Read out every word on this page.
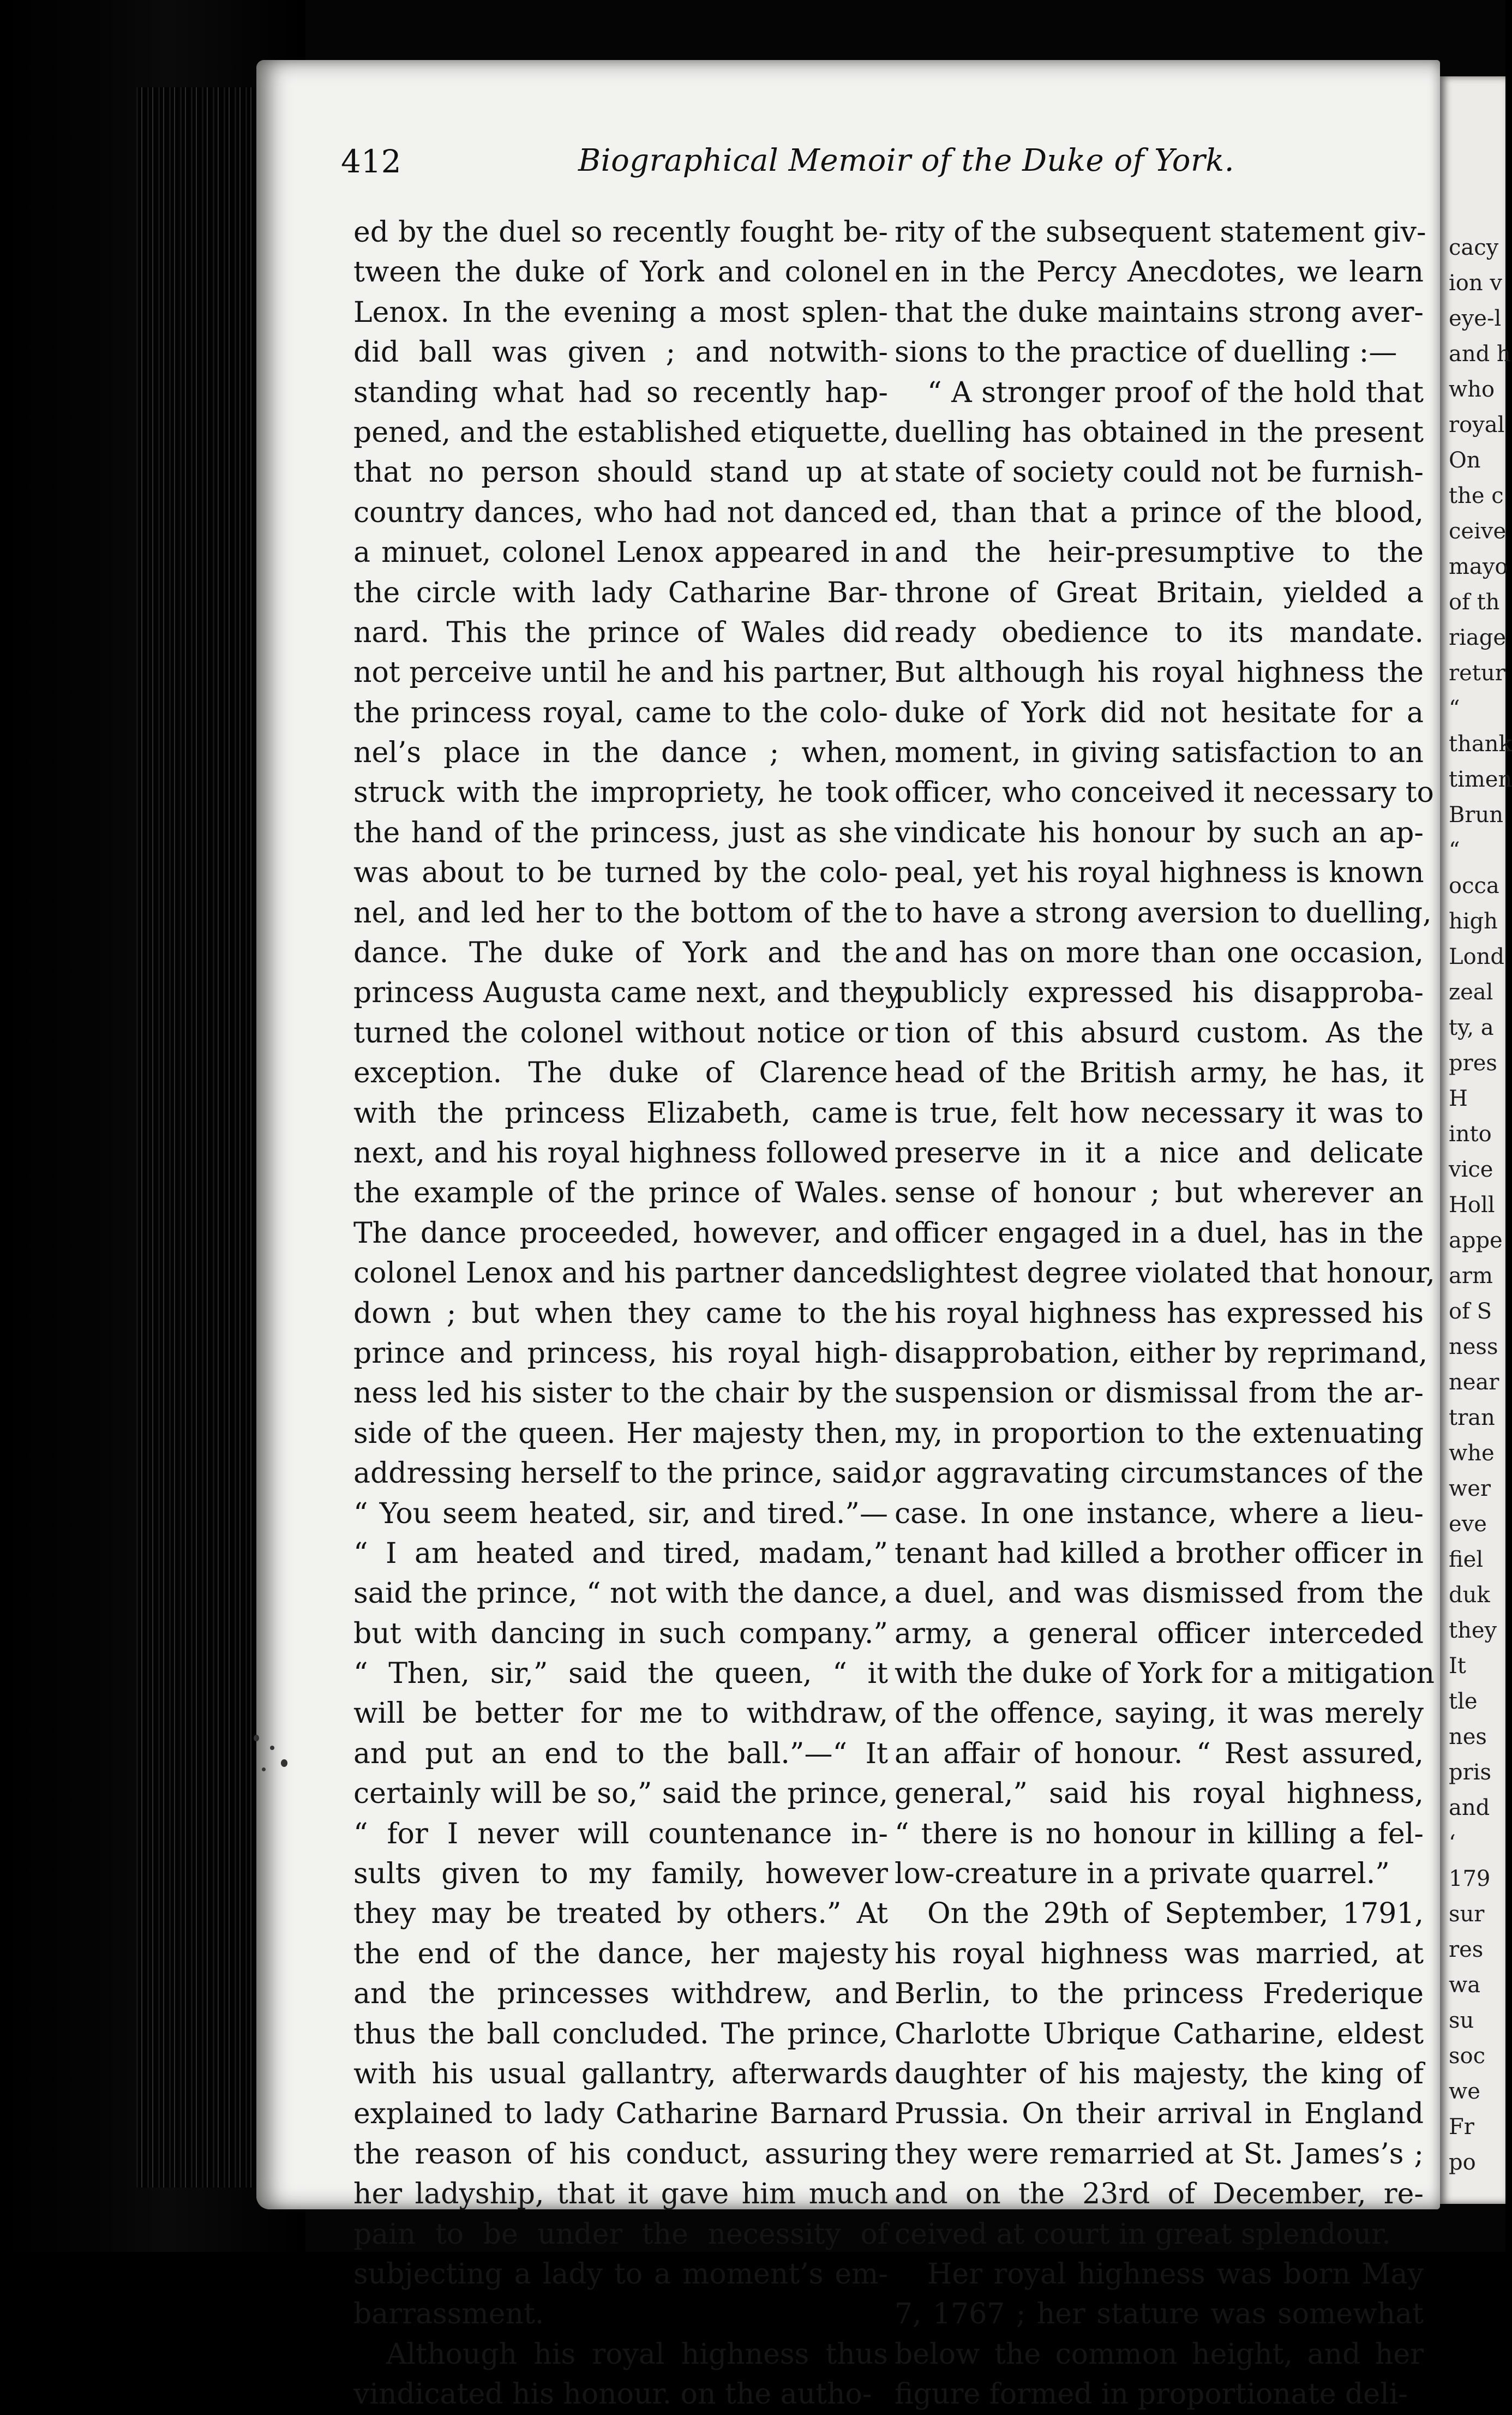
412	Biographical Memoir of the Duke of York.
ed by the duel so recently fought be-
tween the duke of York and colonel
Lenox. In the evening a most splen-
did ball was given ; and notwith-
standing what had so recently hap-
pened, and the established etiquette,
that no person should stand up at
country dances, who had not danced
a minuet, colonel Lenox appeared in
the circle with lady Catharine Bar-
nard. This the prince of Wales did
not perceive until he and his partner,
the princess royal, came to the colo-
nel’s place in the dance ; when,
struck with the impropriety, he took
the hand of the princess, just as she
was about to be turned by the colo-
nel, and led her to the bottom of the
dance. The duke of York and the
princess Augusta came next, and they
turned the colonel without notice or
exception. The duke of Clarence
with the princess Elizabeth, came
next, and his royal highness followed
the example of the prince of Wales.
The dance proceeded, however, and
colonel Lenox and his partner danced
down ; but when they came to the
prince and princess, his royal high-
ness led his sister to the chair by the
side of the queen. Her majesty then,
addressing herself to the prince, said,
“ You seem heated, sir, and tired.”—
“ I am heated and tired, madam,”
said the prince, “ not with the dance,
but with dancing in such company.”
“ Then, sir,” said the queen, “ it
will be better for me to withdraw,
and put an end to the ball.”—“ It
certainly will be so,” said the prince,
“ for I never will countenance in-
sults given to my family, however
they may be treated by others.” At
the end of the dance, her majesty
and the princesses withdrew, and
thus the ball concluded. The prince,
with his usual gallantry, afterwards
explained to lady Catharine Barnard
the reason of his conduct, assuring
her ladyship, that it gave him much
pain to be under the necessity of
subjecting a lady to a moment’s em-
barrassment.
Although his royal highness thus
vindicated his honour. on the autho-
rity of the subsequent statement giv-
en in the Percy Anecdotes, we learn
that the duke maintains strong aver-
sions to the practice of duelling :—
“ A stronger proof of the hold that
duelling has obtained in the present
state of society could not be furnish-
ed, than that a prince of the blood,
and the heir-presumptive to the
throne of Great Britain, yielded a
ready obedience to its mandate.
But although his royal highness the
duke of York did not hesitate for a
moment, in giving satisfaction to an
officer, who conceived it necessary to
vindicate his honour by such an ap-
peal, yet his royal highness is known
to have a strong aversion to duelling,
and has on more than one occasion,
publicly expressed his disapproba-
tion of this absurd custom. As the
head of the British army, he has, it
is true, felt how necessary it was to
preserve in it a nice and delicate
sense of honour ; but wherever an
officer engaged in a duel, has in the
slightest degree violated that honour,
his royal highness has expressed his
disapprobation, either by reprimand,
suspension or dismissal from the ar-
my, in proportion to the extenuating
or aggravating circumstances of the
case. In one instance, where a lieu-
tenant had killed a brother officer in
a duel, and was dismissed from the
army, a general officer interceded
with the duke of York for a mitigation
of the offence, saying, it was merely
an affair of honour. “ Rest assured,
general,” said his royal highness,
“ there is no honour in killing a fel-
low-creature in a private quarrel.”
On the 29th of September, 1791,
his royal highness was married, at
Berlin, to the princess Frederique
Charlotte Ubrique Catharine, eldest
daughter of his majesty, the king of
Prussia. On their arrival in England
they were remarried at St. James’s ;
and on the 23rd of December, re-
ceived at court in great splendour.
Her royal highness was born May
7, 1767 ; her stature was somewhat
below the common height, and her
figure formed in proportionate deli-
cacy
ion v
eye-l
and h
who
royal
On
the c
ceive
mayo
of th
riage
retur
“
thank
timen
Brun
“
occa
high
Lond
zeal
ty, a
pres
H
into
vice
Holl
appe
arm
of S
ness
near
tran
whe
wer
eve
fiel
duk
they
It
tle
nes
pris
and
‘
179
sur
res
wa
su
soc
we
Fr
po
